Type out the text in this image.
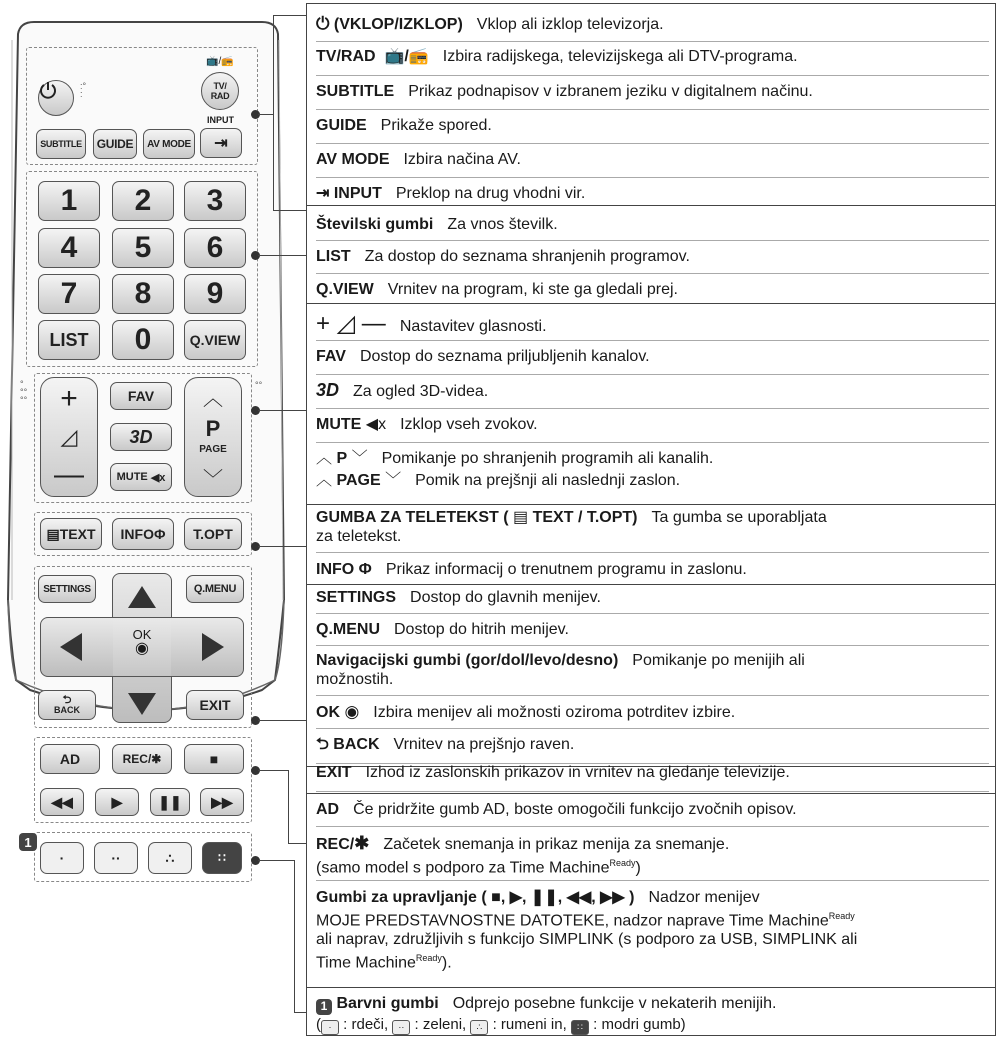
:°
:
📺/📻
TV/
RAD
INPUT
⇥
SUBTITLE	GUIDE	AV MODE
1	2	3
4	5	6
7	8	9
LIST	0	Q.VIEW
°
°°
°°
°°
+
◿
—
FAV
3D
MUTE ◀x
︿
P
PAGE
﹀
▤ TEXT INFO Φ	T.OPT
SETTINGS	Q.MENU
OK
◉
⮌
BACK	EXIT
AD	REC/✱	■
◀◀	▶	❚❚ ▶▶
1
·	··	∴	∷
⏻ (VKLOP/IZKLOP) Vklop ali izklop televizorja.
TV/RAD  📺/📻 Izbira radijskega, televizijskega ali DTV-programa.
SUBTITLE Prikaz podnapisov v izbranem jeziku v digitalnem načinu.
GUIDE Prikaže spored.
AV MODE Izbira načina AV.
⇥ INPUT Preklop na drug vhodni vir.
Številski gumbi Za vnos številk.
LIST Za dostop do seznama shranjenih programov.
Q.VIEW Vrnitev na program, ki ste ga gledali prej.
+ ◿ — Nastavitev glasnosti.
FAV Dostop do seznama priljubljenih kanalov.
3D Za ogled 3D-videa.
MUTE ◀x Izklop vseh zvokov.
︿ P ﹀ Pomikanje po shranjenih programih ali kanalih.
︿ PAGE ﹀ Pomik na prejšnji ali naslednji zaslon.
GUMBA ZA TELETEKST ( ▤ TEXT / T.OPT) Ta gumba se uporabljata
za teletekst.
INFO Φ Prikaz informacij o trenutnem programu in zaslonu.
SETTINGS Dostop do glavnih menijev.
Q.MENU Dostop do hitrih menijev.
Navigacijski gumbi (gor/dol/levo/desno) Pomikanje po menijih ali
možnostih.
OK ◉ Izbira menijev ali možnosti oziroma potrditev izbire.
⮌ BACK Vrnitev na prejšnjo raven.
EXIT Izhod iz zaslonskih prikazov in vrnitev na gledanje televizije.
AD Če pridržite gumb AD, boste omogočili funkcijo zvočnih opisov.
REC/✱ Začetek snemanja in prikaz menija za snemanje.
(samo model s podporo za Time Machine$^{Ready}$)
Gumbi za upravljanje ( ■, ▶, ❚❚, ◀◀, ▶▶ ) Nadzor menijev
MOJE PREDSTAVNOSTNE DATOTEKE, nadzor naprave Time Machine$^{Ready}$
ali naprav, združljivih s funkcijo SIMPLINK (s podporo za USB, SIMPLINK ali
Time Machine$^{Ready}$).
1 Barvni gumbi Odprejo posebne funkcije v nekaterih menijih.
( · : rdeči, ·· : zeleni, ∴ : rumeni in, ∷ : modri gumb)
